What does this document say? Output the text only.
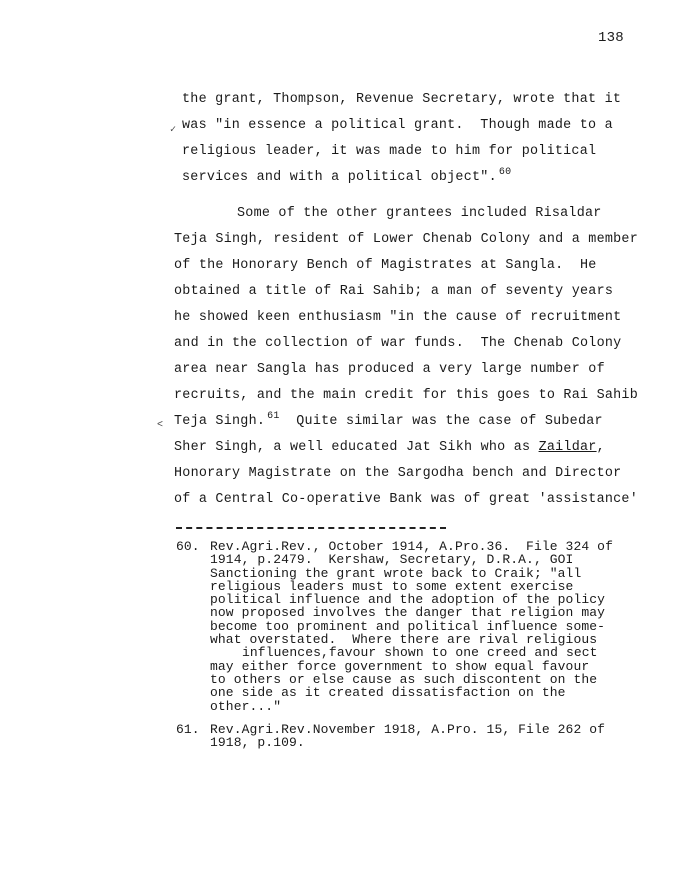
138
✓
<
the grant, Thompson, Revenue Secretary, wrote that it
was "in essence a political grant.  Though made to a
religious leader, it was made to him for political
services and with a political object". $^{60}$
Some of the other grantees included Risaldar
Teja Singh, resident of Lower Chenab Colony and a member
of the Honorary Bench of Magistrates at Sangla.  He
obtained a title of Rai Sahib; a man of seventy years
he showed keen enthusiasm "in the cause of recruitment
and in the collection of war funds.  The Chenab Colony
area near Sangla has produced a very large number of
recruits, and the main credit for this goes to Rai Sahib
Teja Singh. $^{61}$  Quite similar was the case of Subedar
Sher Singh, a well educated Jat Sikh who as Zaildar,
Honorary Magistrate on the Sargodha bench and Director
of a Central Co-operative Bank was of great 'assistance'
60. Rev.Agri.Rev., October 1914, A.Pro.36.  File 324 of
1914, p.2479.  Kershaw, Secretary, D.R.A., GOI
Sanctioning the grant wrote back to Craik; "all
religious leaders must to some extent exercise
political influence and the adoption of the policy
now proposed involves the danger that religion may
become too prominent and political influence some-
what overstated.  Where there are rival religious
influences,favour shown to one creed and sect
may either force government to show equal favour
to others or else cause as such discontent on the
one side as it created dissatisfaction on the
other..."
61. Rev.Agri.Rev.November 1918, A.Pro. 15, File 262 of
1918, p.109.
